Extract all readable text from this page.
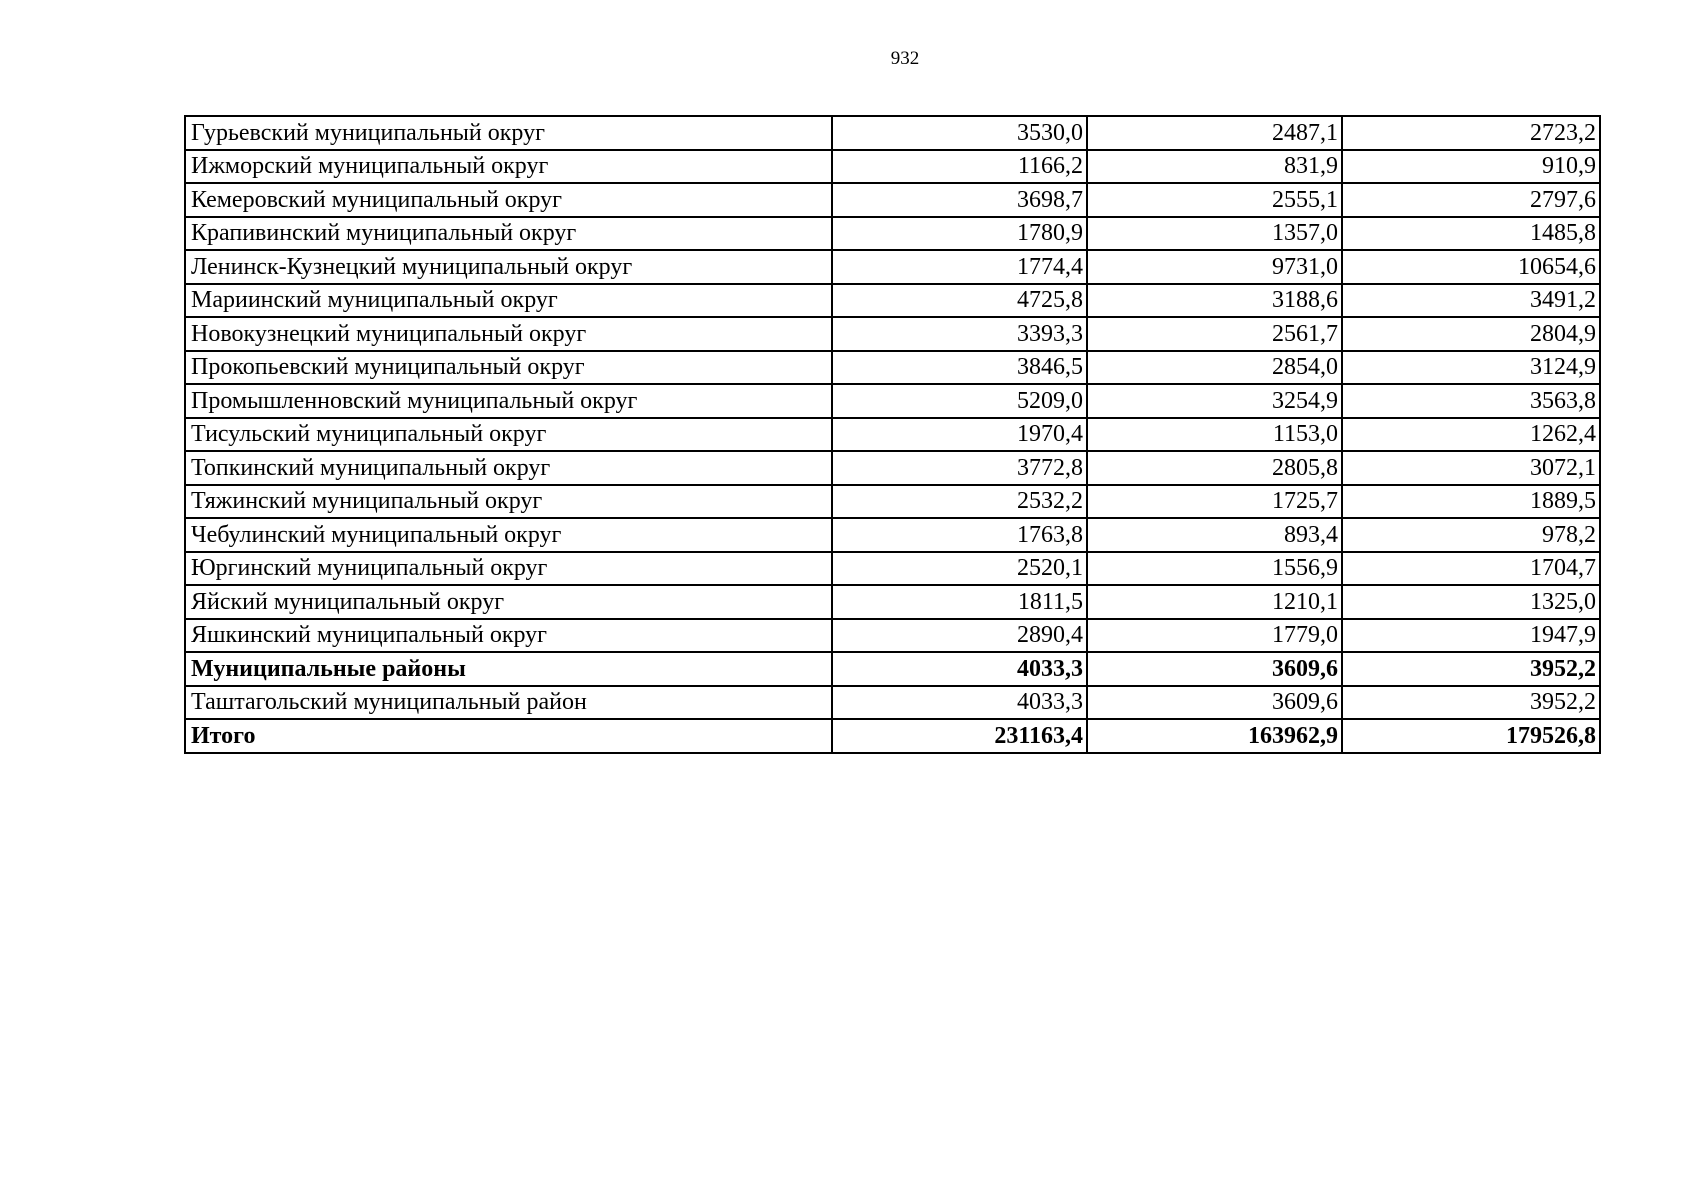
932
Гурьевский муниципальный округ	3530,0	2487,1	2723,2
Ижморский муниципальный округ	1166,2	831,9	910,9
Кемеровский муниципальный округ	3698,7	2555,1	2797,6
Крапивинский муниципальный округ	1780,9	1357,0	1485,8
Ленинск-Кузнецкий муниципальный округ	1774,4	9731,0	10654,6
Мариинский муниципальный округ	4725,8	3188,6	3491,2
Новокузнецкий муниципальный округ	3393,3	2561,7	2804,9
Прокопьевский муниципальный округ	3846,5	2854,0	3124,9
Промышленновский муниципальный округ	5209,0	3254,9	3563,8
Тисульский муниципальный округ	1970,4	1153,0	1262,4
Топкинский муниципальный округ	3772,8	2805,8	3072,1
Тяжинский муниципальный округ	2532,2	1725,7	1889,5
Чебулинский муниципальный округ	1763,8	893,4	978,2
Юргинский муниципальный округ	2520,1	1556,9	1704,7
Яйский муниципальный округ	1811,5	1210,1	1325,0
Яшкинский муниципальный округ	2890,4	1779,0	1947,9
Муниципальные районы	4033,3	3609,6	3952,2
Таштагольский муниципальный район	4033,3	3609,6	3952,2
Итого	231163,4	163962,9	179526,8
